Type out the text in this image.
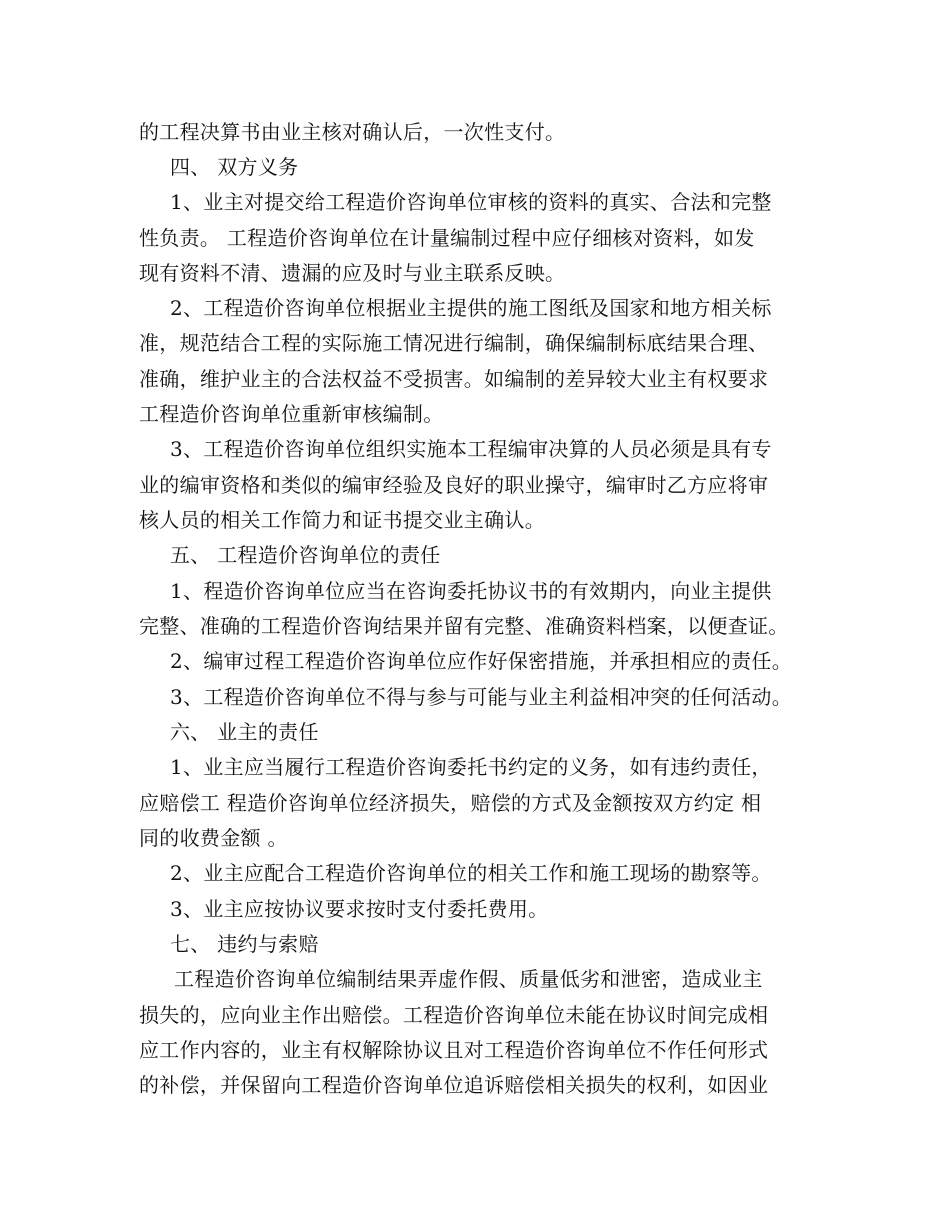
的工程决算书由业主核对确认后，一次性支付。
四、 双方义务
1、业主对提交给工程造价咨询单位审核的资料的真实、合法和完整
性负责。 工程造价咨询单位在计量编制过程中应仔细核对资料，如发
现有资料不清、遗漏的应及时与业主联系反映。
2、工程造价咨询单位根据业主提供的施工图纸及国家和地方相关标
准，规范结合工程的实际施工情况进行编制，确保编制标底结果合理、
准确，维护业主的合法权益不受损害。如编制的差异较大业主有权要求
工程造价咨询单位重新审核编制。
3、工程造价咨询单位组织实施本工程编审决算的人员必须是具有专
业的编审资格和类似的编审经验及良好的职业操守，编审时乙方应将审
核人员的相关工作简力和证书提交业主确认。
五、 工程造价咨询单位的责任
1、程造价咨询单位应当在咨询委托协议书的有效期内，向业主提供
完整、准确的工程造价咨询结果并留有完整、准确资料档案，以便查证。
2、编审过程工程造价咨询单位应作好保密措施，并承担相应的责任。
3、工程造价咨询单位不得与参与可能与业主利益相冲突的任何活动。
六、 业主的责任
1、业主应当履行工程造价咨询委托书约定的义务，如有违约责任，
应赔偿工 程造价咨询单位经济损失，赔偿的方式及金额按双方约定 相
同的收费金额 。
2、业主应配合工程造价咨询单位的相关工作和施工现场的勘察等。
3、业主应按协议要求按时支付委托费用。
七、 违约与索赔
工程造价咨询单位编制结果弄虚作假、质量低劣和泄密，造成业主
损失的，应向业主作出赔偿。工程造价咨询单位未能在协议时间完成相
应工作内容的，业主有权解除协议且对工程造价咨询单位不作任何形式
的补偿，并保留向工程造价咨询单位追诉赔偿相关损失的权利，如因业
